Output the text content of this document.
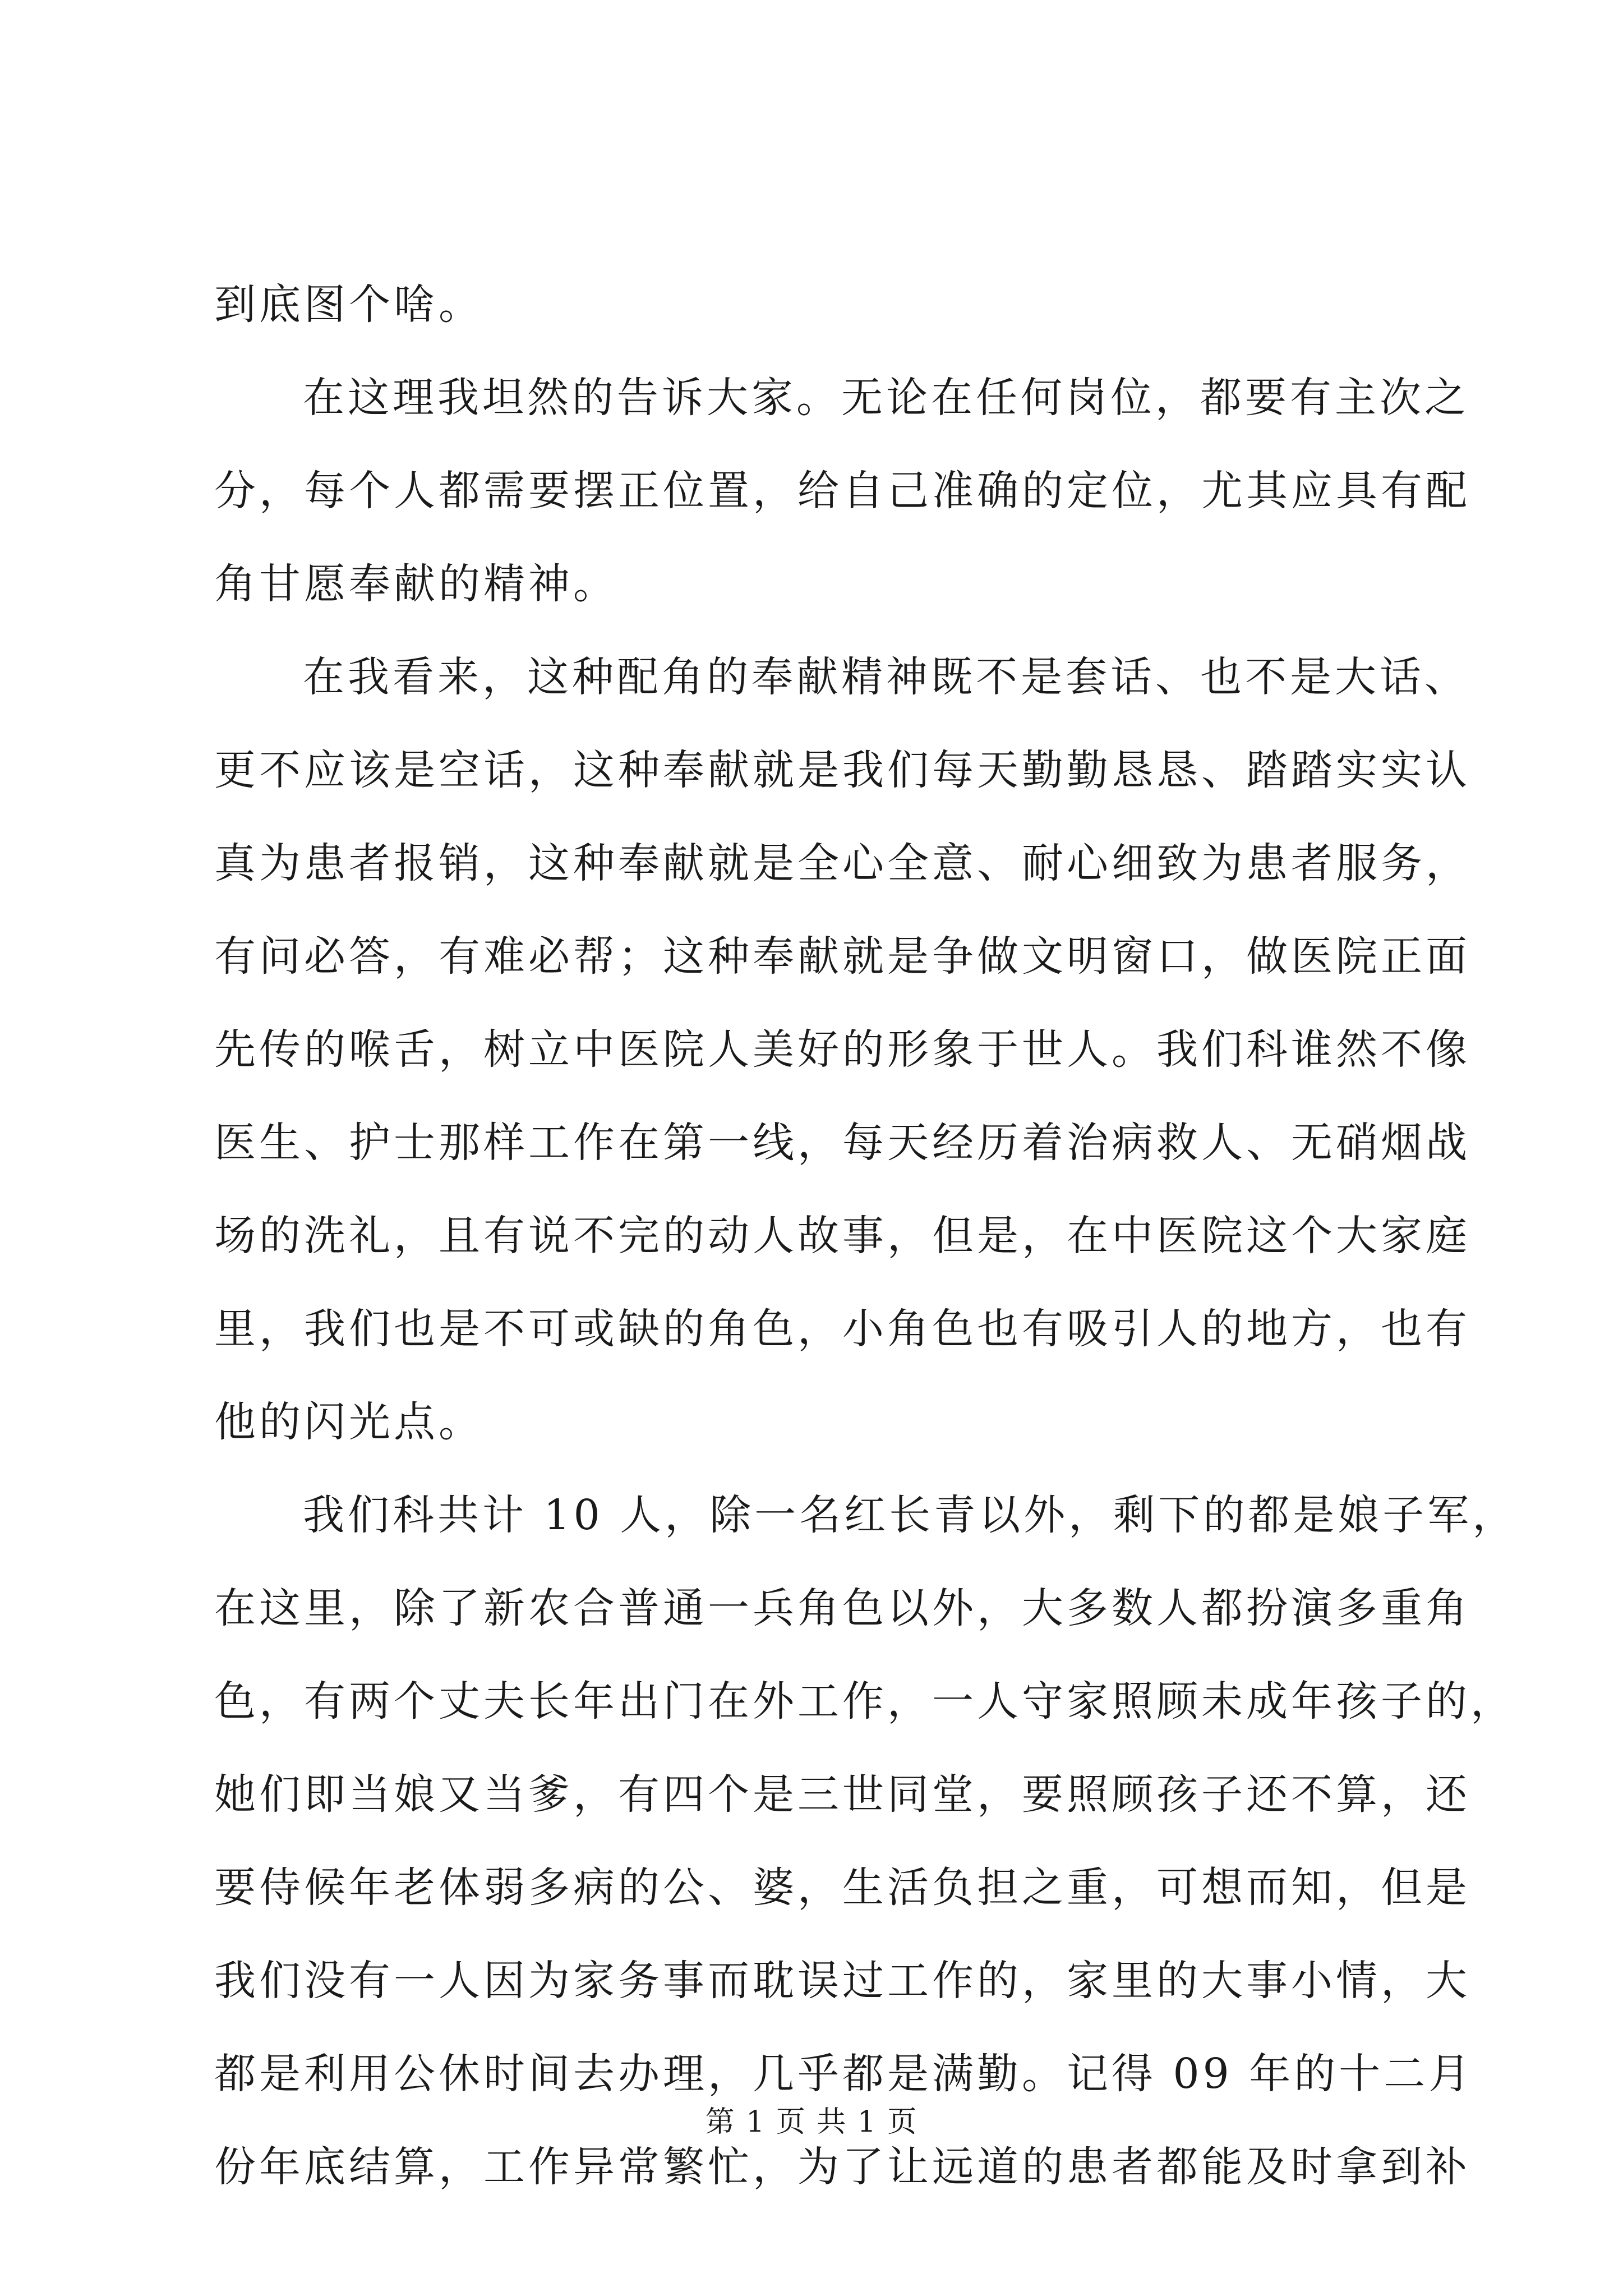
到底图个啥。
在这理我坦然的告诉大家。无论在任何岗位，都要有主次之
分，每个人都需要摆正位置，给自己准确的定位，尤其应具有配
角甘愿奉献的精神。
在我看来，这种配角的奉献精神既不是套话、也不是大话、
更不应该是空话，这种奉献就是我们每天勤勤恳恳、踏踏实实认
真为患者报销，这种奉献就是全心全意、耐心细致为患者服务，
有问必答，有难必帮；这种奉献就是争做文明窗口，做医院正面
先传的喉舌，树立中医院人美好的形象于世人。我们科谁然不像
医生、护士那样工作在第一线，每天经历着治病救人、无硝烟战
场的洗礼，且有说不完的动人故事，但是，在中医院这个大家庭
里，我们也是不可或缺的角色，小角色也有吸引人的地方，也有
他的闪光点。
我们科共计 10 人，除一名红长青以外，剩下的都是娘子军，
在这里，除了新农合普通一兵角色以外，大多数人都扮演多重角
色，有两个丈夫长年出门在外工作，一人守家照顾未成年孩子的，
她们即当娘又当爹，有四个是三世同堂，要照顾孩子还不算，还
要侍候年老体弱多病的公、婆，生活负担之重，可想而知，但是
我们没有一人因为家务事而耽误过工作的，家里的大事小情，大
都是利用公休时间去办理，几乎都是满勤。记得 09 年的十二月
份年底结算，工作异常繁忙，为了让远道的患者都能及时拿到补
第 1 页 共 1 页
